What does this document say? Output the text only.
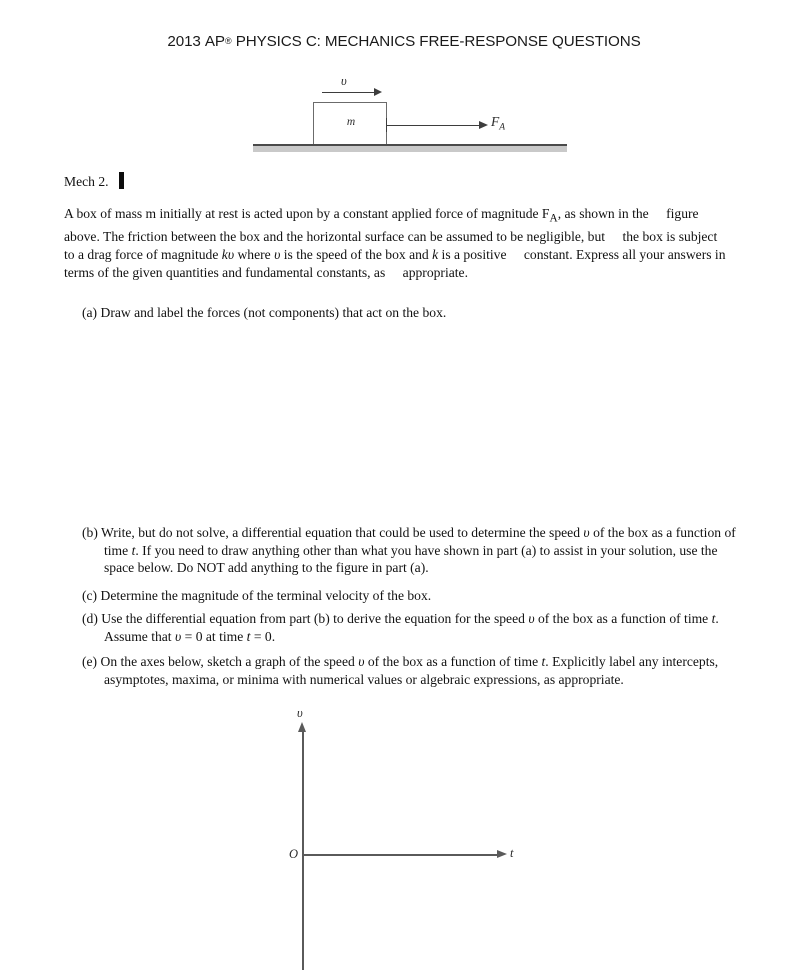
2013 AP® PHYSICS C: MECHANICS FREE-RESPONSE QUESTIONS
υ
m	$F_A$
Mech 2.
A box of mass m initially at rest is acted upon by a constant applied force of magnitude $F_A$, as shown in the figure above. The friction between the box and the horizontal surface can be assumed to be negligible, but the box is subject to a drag force of magnitude kυ where υ is the speed of the box and k is a positive constant. Express all your answers in terms of the given quantities and fundamental constants, as appropriate.
(a) Draw and label the forces (not components) that act on the box.
(b) Write, but do not solve, a differential equation that could be used to determine the speed υ of the box as a function of time t. If you need to draw anything other than what you have shown in part (a) to assist in your solution, use the space below. Do NOT add anything to the figure in part (a).
(c) Determine the magnitude of the terminal velocity of the box.
(d) Use the differential equation from part (b) to derive the equation for the speed υ of the box as a function of time t. Assume that υ = 0 at time t = 0.
(e) On the axes below, sketch a graph of the speed υ of the box as a function of time t. Explicitly label any intercepts, asymptotes, maxima, or minima with numerical values or algebraic expressions, as appropriate.
υ
t
O
